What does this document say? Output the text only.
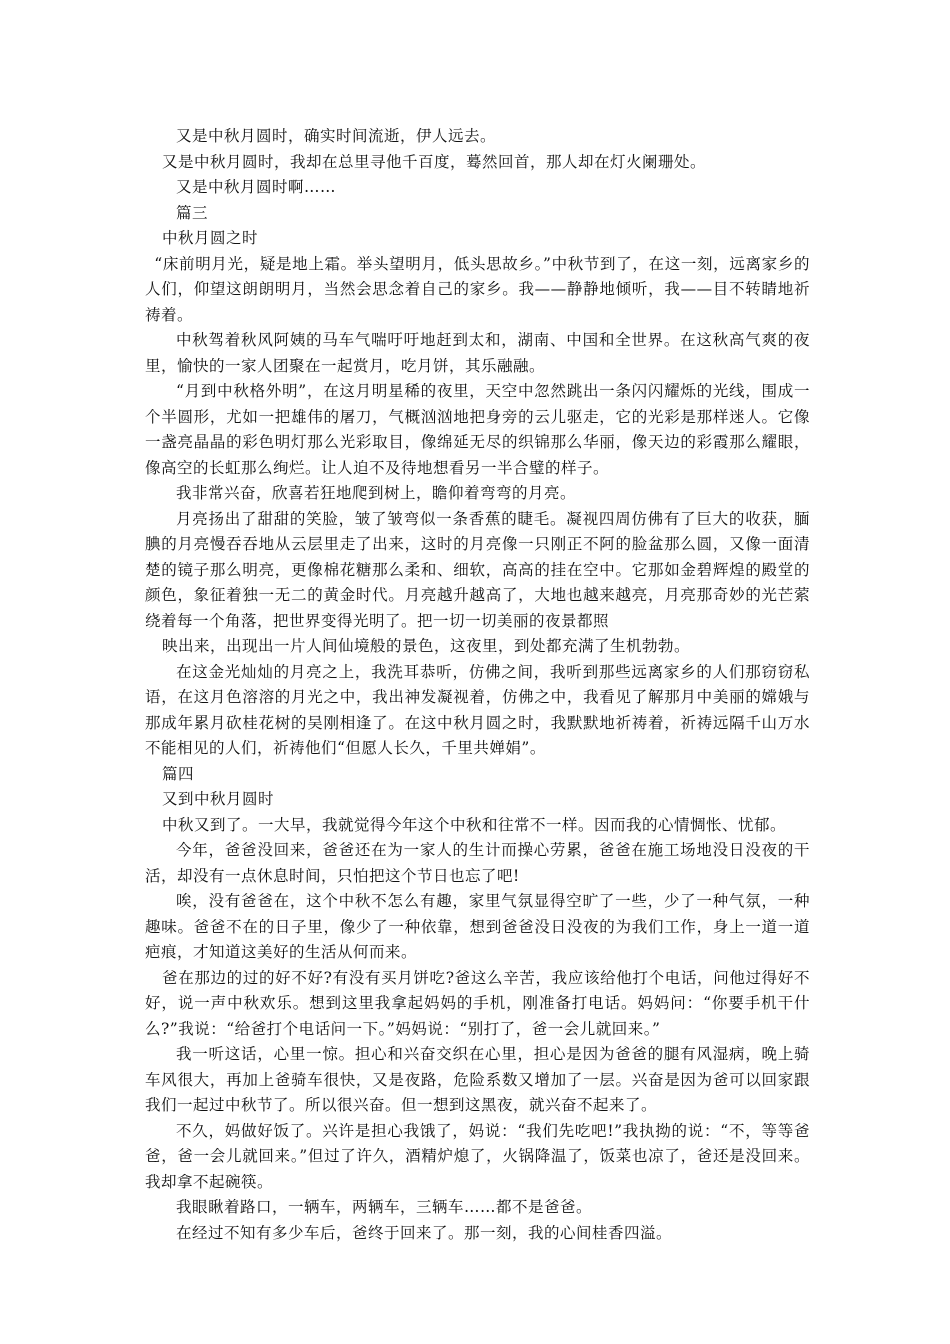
又是中秋月圆时，确实时间流逝，伊人远去。

又是中秋月圆时，我却在总里寻他千百度，蓦然回首，那人却在灯火阑珊处。

又是中秋月圆时啊……

篇三

中秋月圆之时

“床前明月光，疑是地上霜。举头望明月，低头思故乡。”中秋节到了，在这一刻，远离家乡的人们，仰望这朗朗明月，当然会思念着自己的家乡。我——静静地倾听，我——目不转睛地祈祷着。

中秋驾着秋风阿姨的马车气喘吁吁地赶到太和，湖南、中国和全世界。在这秋高气爽的夜里，愉快的一家人团聚在一起赏月，吃月饼，其乐融融。

“月到中秋格外明”，在这月明星稀的夜里，天空中忽然跳出一条闪闪耀烁的光线，围成一个半圆形，尤如一把雄伟的屠刀，气概汹汹地把身旁的云儿驱走，它的光彩是那样迷人。它像一盏亮晶晶的彩色明灯那么光彩取目，像绵延无尽的织锦那么华丽，像天边的彩霞那么耀眼，像高空的长虹那么绚烂。让人迫不及待地想看另一半合璧的样子。

我非常兴奋，欣喜若狂地爬到树上，瞻仰着弯弯的月亮。

月亮扬出了甜甜的笑脸，皱了皱弯似一条香蕉的睫毛。凝视四周仿佛有了巨大的收获，腼腆的月亮慢吞吞地从云层里走了出来，这时的月亮像一只刚正不阿的脸盆那么圆，又像一面清楚的镜子那么明亮，更像棉花糖那么柔和、细软，高高的挂在空中。它那如金碧辉煌的殿堂的颜色，象征着独一无二的黄金时代。月亮越升越高了，大地也越来越亮，月亮那奇妙的光芒萦绕着每一个角落，把世界变得光明了。把一切一切美丽的夜景都照

映出来，出现出一片人间仙境般的景色，这夜里，到处都充满了生机勃勃。

在这金光灿灿的月亮之上，我洗耳恭听，仿佛之间，我听到那些远离家乡的人们那窃窃私语，在这月色溶溶的月光之中，我出神发凝视着，仿佛之中，我看见了解那月中美丽的嫦娥与那成年累月砍桂花树的吴刚相逢了。在这中秋月圆之时，我默默地祈祷着，祈祷远隔千山万水不能相见的人们，祈祷他们“但愿人长久，千里共婵娟”。

篇四

又到中秋月圆时

中秋又到了。一大早，我就觉得今年这个中秋和往常不一样。因而我的心情惆怅、忧郁。

今年，爸爸没回来，爸爸还在为一家人的生计而操心劳累，爸爸在施工场地没日没夜的干活，却没有一点休息时间，只怕把这个节日也忘了吧!

唉，没有爸爸在，这个中秋不怎么有趣，家里气氛显得空旷了一些，少了一种气氛，一种趣味。爸爸不在的日子里，像少了一种依靠，想到爸爸没日没夜的为我们工作，身上一道一道疤痕，才知道这美好的生活从何而来。

爸在那边的过的好不好?有没有买月饼吃?爸这么辛苦，我应该给他打个电话，问他过得好不好，说一声中秋欢乐。想到这里我拿起妈妈的手机，刚准备打电话。妈妈问：“你要手机干什么?”我说：“给爸打个电话问一下。”妈妈说：“别打了，爸一会儿就回来。”

我一听这话，心里一惊。担心和兴奋交织在心里，担心是因为爸爸的腿有风湿病，晚上骑车风很大，再加上爸骑车很快，又是夜路，危险系数又增加了一层。兴奋是因为爸可以回家跟我们一起过中秋节了。所以很兴奋。但一想到这黑夜，就兴奋不起来了。

不久，妈做好饭了。兴许是担心我饿了，妈说：“我们先吃吧!”我执拗的说：“不，等等爸爸，爸一会儿就回来。”但过了许久，酒精炉熄了，火锅降温了，饭菜也凉了，爸还是没回来。我却拿不起碗筷。

我眼瞅着路口，一辆车，两辆车，三辆车……都不是爸爸。

在经过不知有多少车后，爸终于回来了。那一刻，我的心间桂香四溢。
